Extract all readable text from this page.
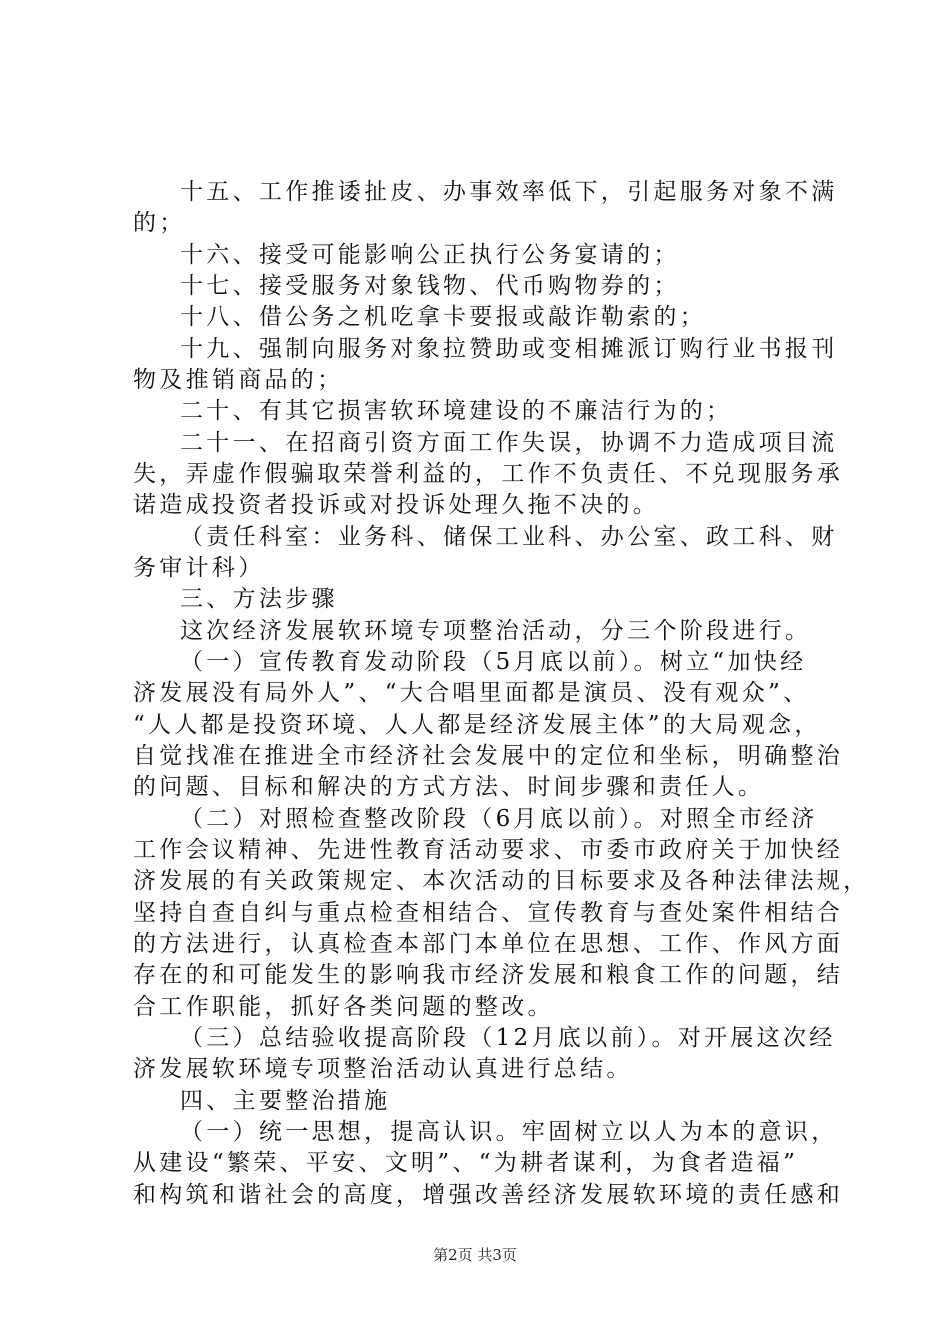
十五、工作推诿扯皮、办事效率低下，引起服务对象不满
的；
十六、接受可能影响公正执行公务宴请的；
十七、接受服务对象钱物、代币购物券的；
十八、借公务之机吃拿卡要报或敲诈勒索的；
十九、强制向服务对象拉赞助或变相摊派订购行业书报刊
物及推销商品的；
二十、有其它损害软环境建设的不廉洁行为的；
二十一、在招商引资方面工作失误，协调不力造成项目流
失，弄虚作假骗取荣誉利益的，工作不负责任、不兑现服务承
诺造成投资者投诉或对投诉处理久拖不决的。
（责任科室：业务科、储保工业科、办公室、政工科、财
务审计科）
三、方法步骤
这次经济发展软环境专项整治活动，分三个阶段进行。
（一）宣传教育发动阶段（5月底以前）。树立“加快经
济发展没有局外人”、“大合唱里面都是演员、没有观众”、
“人人都是投资环境、人人都是经济发展主体”的大局观念，
自觉找准在推进全市经济社会发展中的定位和坐标，明确整治
的问题、目标和解决的方式方法、时间步骤和责任人。
（二）对照检查整改阶段（6月底以前）。对照全市经济
工作会议精神、先进性教育活动要求、市委市政府关于加快经
济发展的有关政策规定、本次活动的目标要求及各种法律法规，
坚持自查自纠与重点检查相结合、宣传教育与查处案件相结合
的方法进行，认真检查本部门本单位在思想、工作、作风方面
存在的和可能发生的影响我市经济发展和粮食工作的问题，结
合工作职能，抓好各类问题的整改。
（三）总结验收提高阶段（12月底以前）。对开展这次经
济发展软环境专项整治活动认真进行总结。
四、主要整治措施
（一）统一思想，提高认识。牢固树立以人为本的意识，
从建设“繁荣、平安、文明”、“为耕者谋利，为食者造福”
和构筑和谐社会的高度，增强改善经济发展软环境的责任感和
第2页 共3页
